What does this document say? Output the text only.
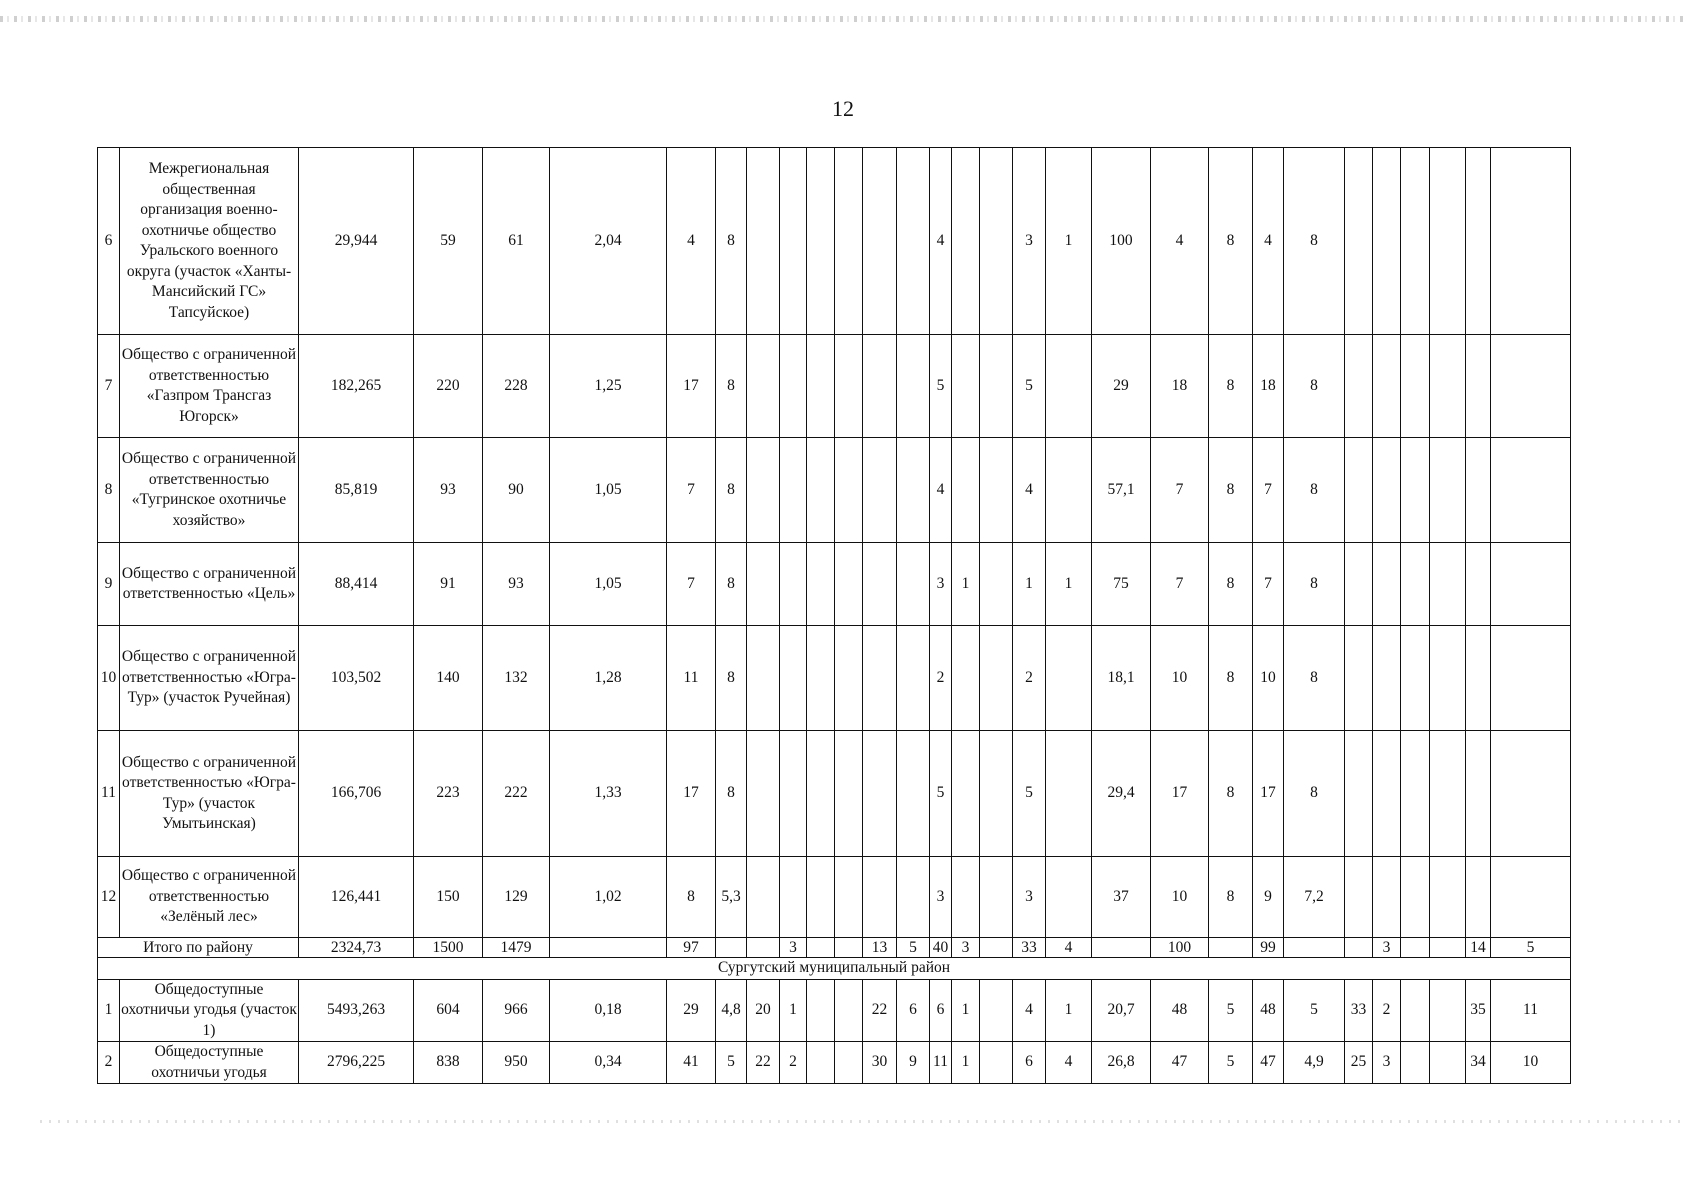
12
6	Межрегиональная общественная организация военно-охотничье общество Уральского военного округа (участок «Ханты-Мансийский ГС» Тапсуйское)	29,944	59	61	2,04	4	8							4			3	1	100	4	8	4	8						
7	Общество с ограниченной ответственностью «Газпром Трансгаз Югорск»	182,265	220	228	1,25	17	8							5			5		29	18	8	18	8						
8	Общество с ограниченной ответственностью «Тугринское охотничье хозяйство»	85,819	93	90	1,05	7	8							4			4		57,1	7	8	7	8						
9	Общество с ограниченной ответственностью «Цель»	88,414	91	93	1,05	7	8							3	1		1	1	75	7	8	7	8						
10	Общество с ограниченной ответственностью «Югра-Тур» (участок Ручейная)	103,502	140	132	1,28	11	8							2			2		18,1	10	8	10	8						
11	Общество с ограниченной ответственностью «Югра-Тур» (участок Умытьинская)	166,706	223	222	1,33	17	8							5			5		29,4	17	8	17	8						
12	Общество с ограниченной ответственностью «Зелёный лес»	126,441	150	129	1,02	8	5,3							3			3		37	10	8	9	7,2						
Итого по району		2324,73	1500	1479		97			3			13	5	40	3		33	4		100		99			3			14	5
Сургутский муниципальный район																													
1	Общедоступные охотничьи угодья (участок 1)	5493,263	604	966	0,18	29	4,8	20	1			22	6	6	1		4	1	20,7	48	5	48	5	33	2			35	11
2	Общедоступные охотничьи угодья	2796,225	838	950	0,34	41	5	22	2			30	9	11	1		6	4	26,8	47	5	47	4,9	25	3			34	10
